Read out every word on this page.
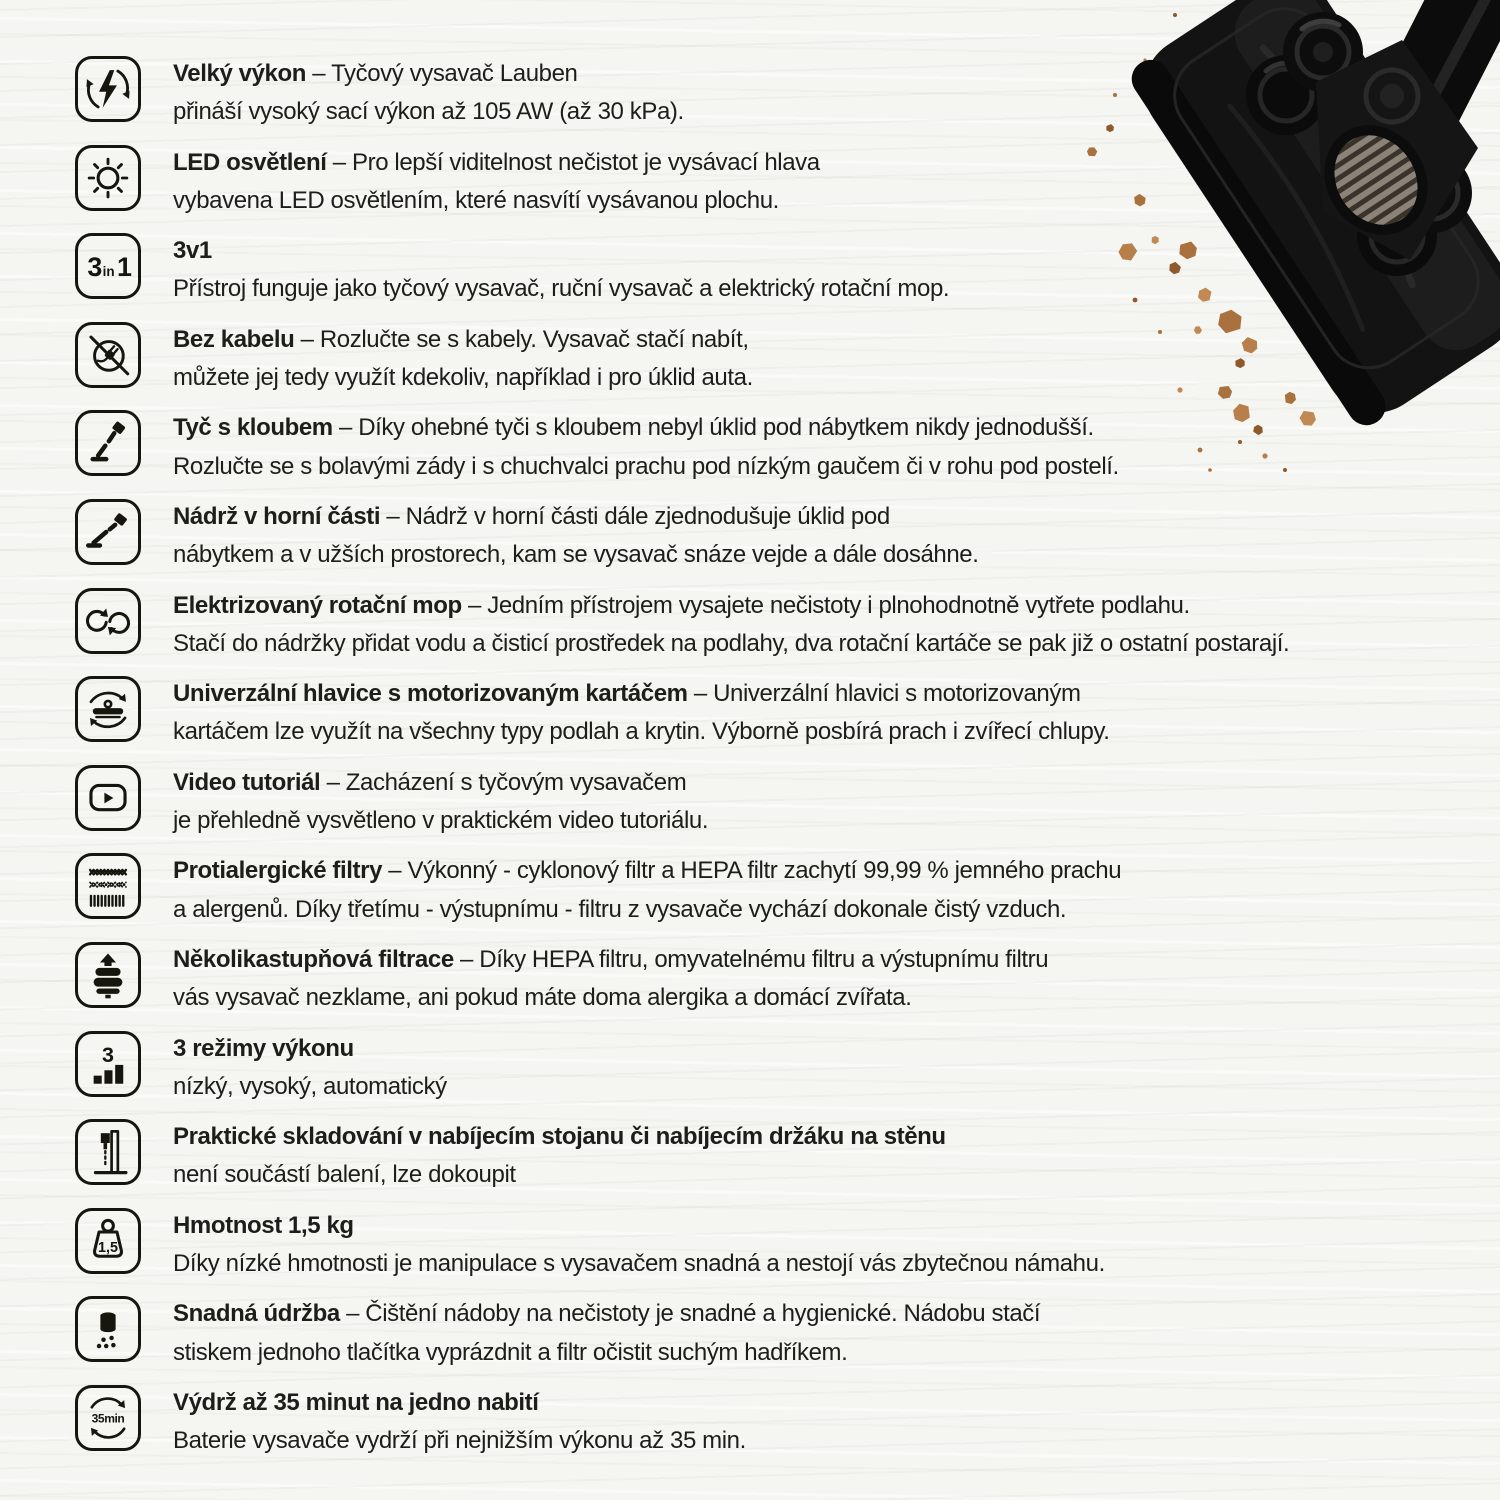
Velký výkon – Tyčový vysavač Lauben

přináší vysoký sací výkon až 105 AW (až 30 kPa).

LED osvětlení – Pro lepší viditelnost nečistot je vysávací hlava

vybavena LED osvětlením, které nasvítí vysávanou plochu.

3 in 1

3v1

Přístroj funguje jako tyčový vysavač, ruční vysavač a elektrický rotační mop.

Bez kabelu – Rozlučte se s kabely. Vysavač stačí nabít,

můžete jej tedy využít kdekoliv, například i pro úklid auta.

Tyč s kloubem – Díky ohebné tyči s kloubem nebyl úklid pod nábytkem nikdy jednodušší.

Rozlučte se s bolavými zády i s chuchvalci prachu pod nízkým gaučem či v rohu pod postelí.

Nádrž v horní části – Nádrž v horní části dále zjednodušuje úklid pod

nábytkem a v užších prostorech, kam se vysavač snáze vejde a dále dosáhne.

Elektrizovaný rotační mop – Jedním přístrojem vysajete nečistoty i plnohodnotně vytřete podlahu.

Stačí do nádržky přidat vodu a čisticí prostředek na podlahy, dva rotační kartáče se pak již o ostatní postarají.

Univerzální hlavice s motorizovaným kartáčem – Univerzální hlavici s motorizovaným

kartáčem lze využít na všechny typy podlah a krytin. Výborně posbírá prach i zvířecí chlupy.

Video tutoriál – Zacházení s tyčovým vysavačem

je přehledně vysvětleno v praktickém video tutoriálu.

Protialergické filtry – Výkonný - cyklonový filtr a HEPA filtr zachytí 99,99 % jemného prachu

a alergenů. Díky třetímu - výstupnímu - filtru z vysavače vychází dokonale čistý vzduch.

Několikastupňová filtrace – Díky HEPA filtru, omyvatelnému filtru a výstupnímu filtru

vás vysavač nezklame, ani pokud máte doma alergika a domácí zvířata.

3 3 režimy výkonu

nízký, vysoký, automatický

Praktické skladování v nabíjecím stojanu či nabíjecím držáku na stěnu

není součástí balení, lze dokoupit

1,5

Hmotnost 1,5 kg

Díky nízké hmotnosti je manipulace s vysavačem snadná a nestojí vás zbytečnou námahu.

Snadná údržba – Čištění nádoby na nečistoty je snadné a hygienické. Nádobu stačí

stiskem jednoho tlačítka vyprázdnit a filtr očistit suchým hadříkem.

35min

Výdrž až 35 minut na jedno nabití

Baterie vysavače vydrží při nejnižším výkonu až 35 min.
